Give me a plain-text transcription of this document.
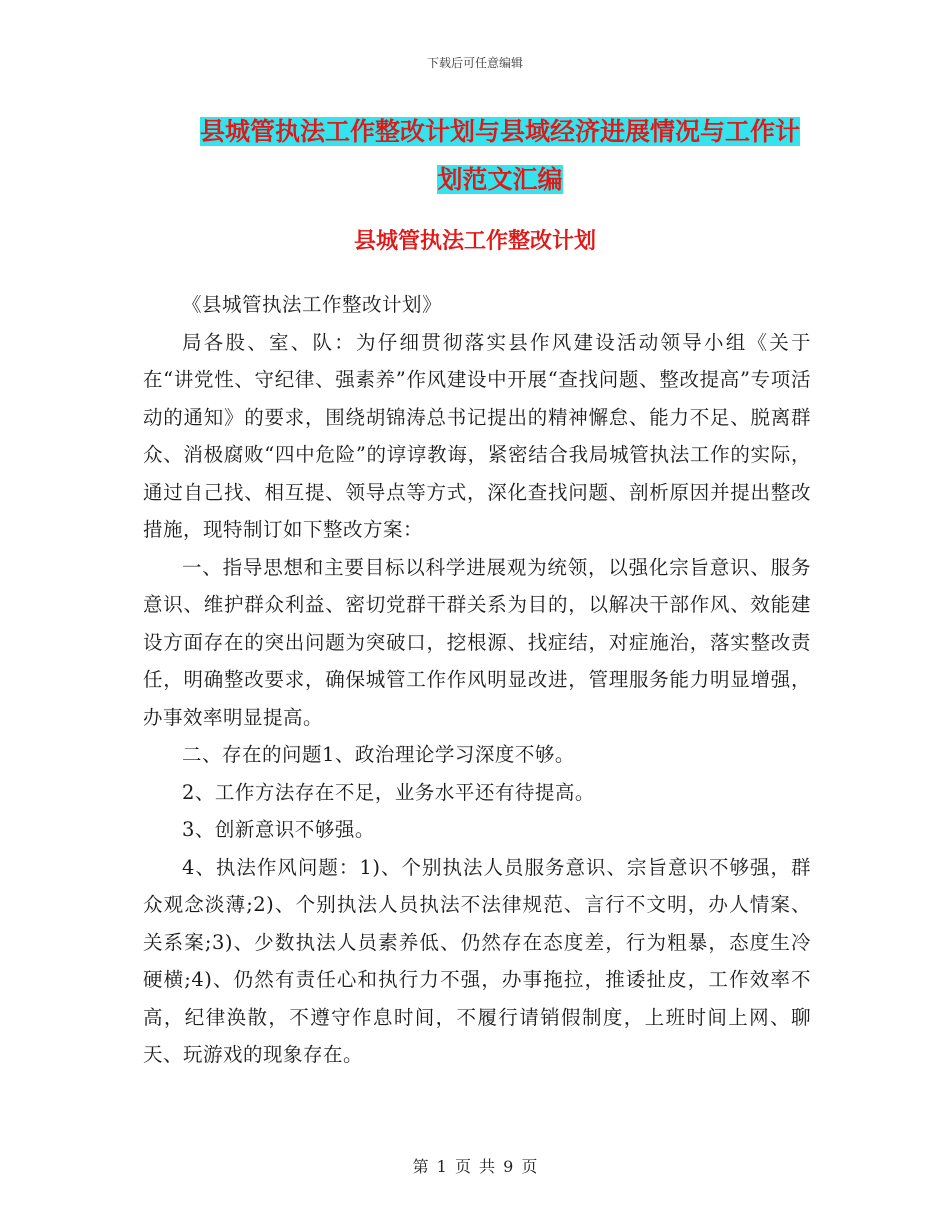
下载后可任意编辑
县城管执法工作整改计划与县域经济进展情况与工作计划范文汇编
县城管执法工作整改计划

《县城管执法工作整改计划》

局各股、室、队：为仔细贯彻落实县作风建设活动领导小组《关于在“讲党性、守纪律、强素养”作风建设中开展“查找问题、整改提高”专项活动的通知》的要求，围绕胡锦涛总书记提出的精神懈怠、能力不足、脱离群众、消极腐败“四中危险”的谆谆教诲，紧密结合我局城管执法工作的实际，通过自己找、相互提、领导点等方式，深化查找问题、剖析原因并提出整改措施，现特制订如下整改方案：

一、指导思想和主要目标以科学进展观为统领，以强化宗旨意识、服务意识、维护群众利益、密切党群干群关系为目的，以解决干部作风、效能建设方面存在的突出问题为突破口，挖根源、找症结，对症施治，落实整改责任，明确整改要求，确保城管工作作风明显改进，管理服务能力明显增强，办事效率明显提高。

二、存在的问题1、政治理论学习深度不够。

2、工作方法存在不足，业务水平还有待提高。

3、创新意识不够强。

4、执法作风问题：1)、个别执法人员服务意识、宗旨意识不够强，群众观念淡薄;2)、个别执法人员执法不法律规范、言行不文明，办人情案、关系案;3)、少数执法人员素养低、仍然存在态度差，行为粗暴，态度生冷硬横;4)、仍然有责任心和执行力不强，办事拖拉，推诿扯皮，工作效率不高，纪律涣散，不遵守作息时间，不履行请销假制度，上班时间上网、聊天、玩游戏的现象存在。

第 1 页 共 9 页
